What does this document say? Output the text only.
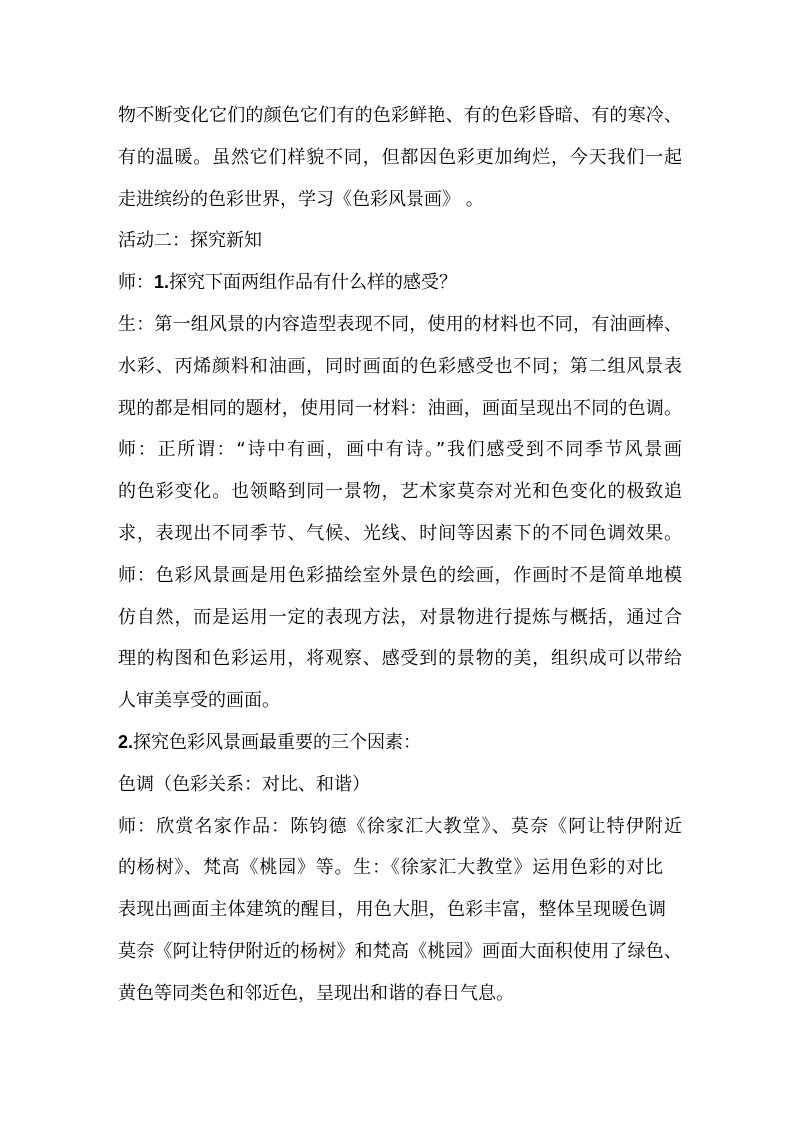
物不断变化它们的颜色它们有的色彩鲜艳、有的色彩昏暗、有的寒冷、
有的温暖。虽然它们样貌不同，但都因色彩更加绚烂，今天我们一起
走进缤纷的色彩世界，学习《色彩风景画》 。
活动二：探究新知
师：1.探究下面两组作品有什么样的感受？
生：第一组风景的内容造型表现不同，使用的材料也不同，有油画棒、
水彩、丙烯颜料和油画，同时画面的色彩感受也不同；第二组风景表
现的都是相同的题材，使用同一材料：油画，画面呈现出不同的色调。
师：正所谓：“诗中有画，画中有诗。”我们感受到不同季节风景画
的色彩变化。也领略到同一景物，艺术家莫奈对光和色变化的极致追
求，表现出不同季节、气候、光线、时间等因素下的不同色调效果。
师：色彩风景画是用色彩描绘室外景色的绘画，作画时不是简单地模
仿自然，而是运用一定的表现方法，对景物进行提炼与概括，通过合
理的构图和色彩运用，将观察、感受到的景物的美，组织成可以带给
人审美享受的画面。
2.探究色彩风景画最重要的三个因素：
色调（色彩关系：对比、和谐）
师：欣赏名家作品：陈钧德《徐家汇大教堂》、莫奈《阿让特伊附近
的杨树》、梵高《桃园》等。生：《徐家汇大教堂》运用色彩的对比
表现出画面主体建筑的醒目，用色大胆，色彩丰富，整体呈现暖色调
莫奈《阿让特伊附近的杨树》和梵高《桃园》画面大面积使用了绿色、
黄色等同类色和邻近色，呈现出和谐的春日气息。
